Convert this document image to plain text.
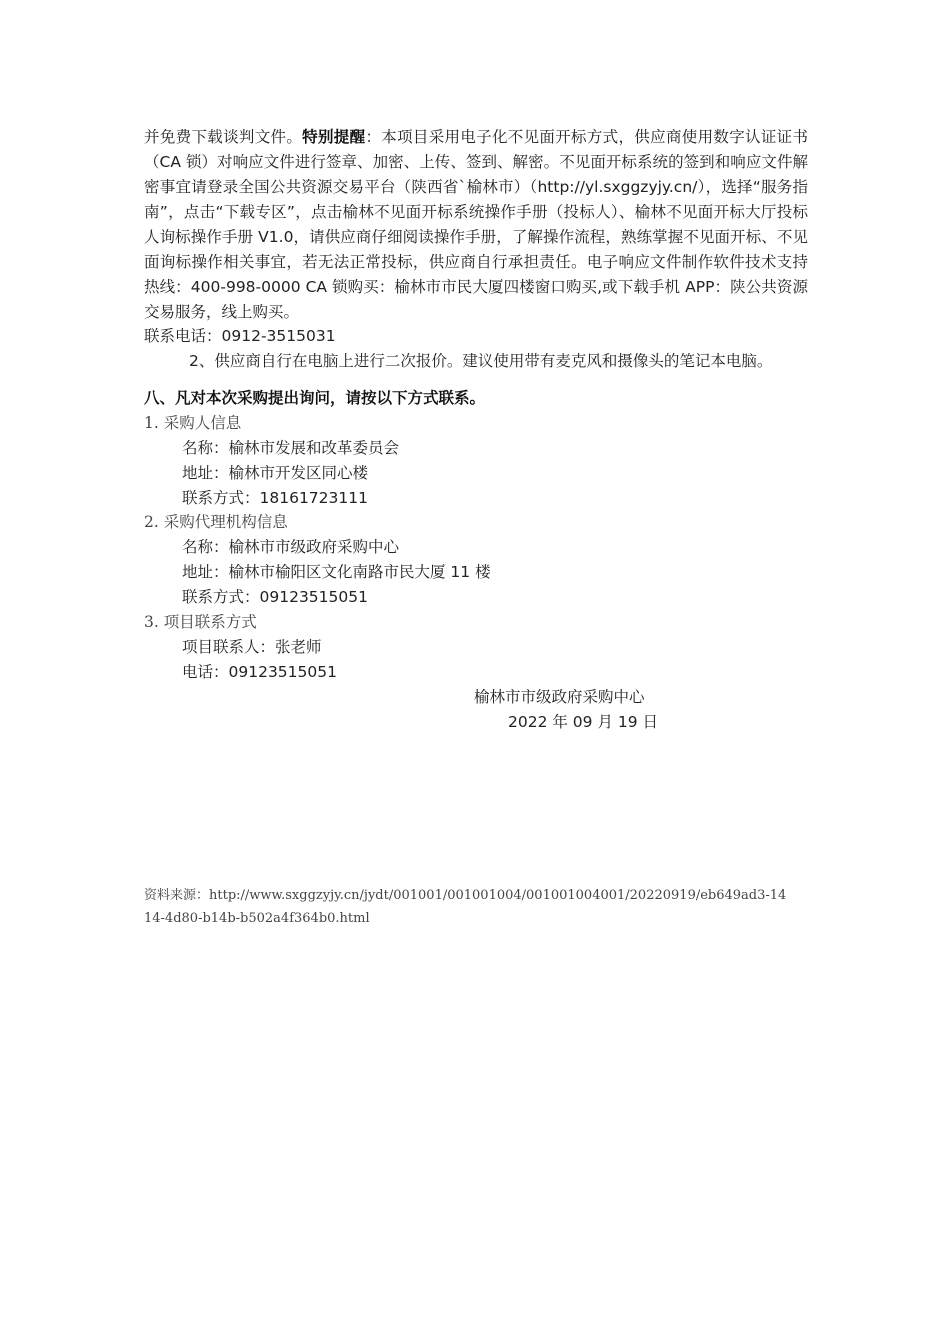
并免费下载谈判文件。特别提醒：本项目采用电子化不见面开标方式，供应商使用数字认证证书（CA 锁）对响应文件进行签章、加密、上传、签到、解密。不见面开标系统的签到和响应文件解密事宜请登录全国公共资源交易平台（陕西省`榆林市）（http://yl.sxggzyjy.cn/），选择“服务指南”，点击“下载专区”，点击榆林不见面开标系统操作手册（投标人）、榆林不见面开标大厅投标人询标操作手册 V1.0，请供应商仔细阅读操作手册，了解操作流程，熟练掌握不见面开标、不见面询标操作相关事宜，若无法正常投标，供应商自行承担责任。电子响应文件制作软件技术支持热线：400-998-0000 CA 锁购买：榆林市市民大厦四楼窗口购买,或下载手机 APP：陕公共资源交易服务，线上购买。
联系电话：0912-3515031
2、供应商自行在电脑上进行二次报价。建议使用带有麦克风和摄像头的笔记本电脑。
八、凡对本次采购提出询问，请按以下方式联系。
1. 采购人信息
名称：榆林市发展和改革委员会
地址：榆林市开发区同心楼
联系方式：18161723111
2. 采购代理机构信息
名称：榆林市市级政府采购中心
地址：榆林市榆阳区文化南路市民大厦 11 楼
联系方式：09123515051
3. 项目联系方式
项目联系人：张老师
电话：09123515051
榆林市市级政府采购中心
2022 年 09 月 19 日
资料来源：http://www.sxggzyjy.cn/jydt/001001/001001004/001001004001/20220919/eb649ad3-1414-4d80-b14b-b502a4f364b0.html
